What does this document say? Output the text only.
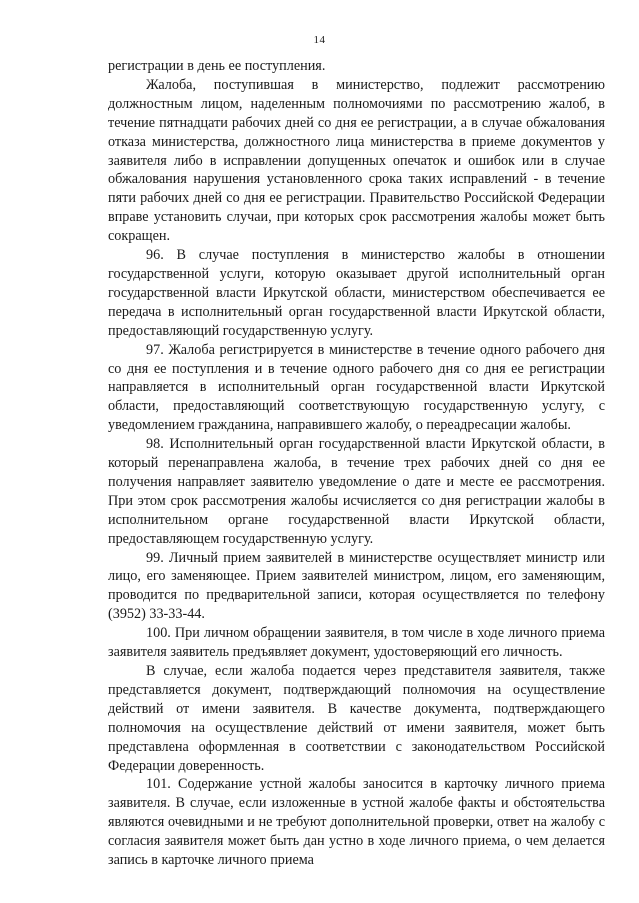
14

регистрации в день ее поступления.

Жалоба, поступившая в министерство, подлежит рассмотрению должностным лицом, наделенным полномочиями по рассмотрению жалоб, в течение пятнадцати рабочих дней со дня ее регистрации, а в случае обжалования отказа министерства, должностного лица министерства в приеме документов у заявителя либо в исправлении допущенных опечаток и ошибок или в случае обжалования нарушения установленного срока таких исправлений - в течение пяти рабочих дней со дня ее регистрации. Правительство Российской Федерации вправе установить случаи, при которых срок рассмотрения жалобы может быть сокращен.

96. В случае поступления в министерство жалобы в отношении государственной услуги, которую оказывает другой исполнительный орган государственной власти Иркутской области, министерством обеспечивается ее передача в исполнительный орган государственной власти Иркутской области, предоставляющий государственную услугу.

97. Жалоба регистрируется в министерстве в течение одного рабочего дня со дня ее поступления и в течение одного рабочего дня со дня ее регистрации направляется в исполнительный орган государственной власти Иркутской области, предоставляющий соответствующую государственную услугу, с уведомлением гражданина, направившего жалобу, о переадресации жалобы.

98. Исполнительный орган государственной власти Иркутской области, в который перенаправлена жалоба, в течение трех рабочих дней со дня ее получения направляет заявителю уведомление о дате и месте ее рассмотрения. При этом срок рассмотрения жалобы исчисляется со дня регистрации жалобы в исполнительном органе государственной власти Иркутской области, предоставляющем государственную услугу.

99. Личный прием заявителей в министерстве осуществляет министр или лицо, его заменяющее. Прием заявителей министром, лицом, его заменяющим, проводится по предварительной записи, которая осуществляется по телефону (3952) 33-33-44.

100. При личном обращении заявителя, в том числе в ходе личного приема заявителя заявитель предъявляет документ, удостоверяющий его личность.

В случае, если жалоба подается через представителя заявителя, также представляется документ, подтверждающий полномочия на осуществление действий от имени заявителя. В качестве документа, подтверждающего полномочия на осуществление действий от имени заявителя, может быть представлена оформленная в соответствии с законодательством Российской Федерации доверенность.

101. Содержание устной жалобы заносится в карточку личного приема заявителя. В случае, если изложенные в устной жалобе факты и обстоятельства являются очевидными и не требуют дополнительной проверки, ответ на жалобу с согласия заявителя может быть дан устно в ходе личного приема, о чем делается запись в карточке личного приема
